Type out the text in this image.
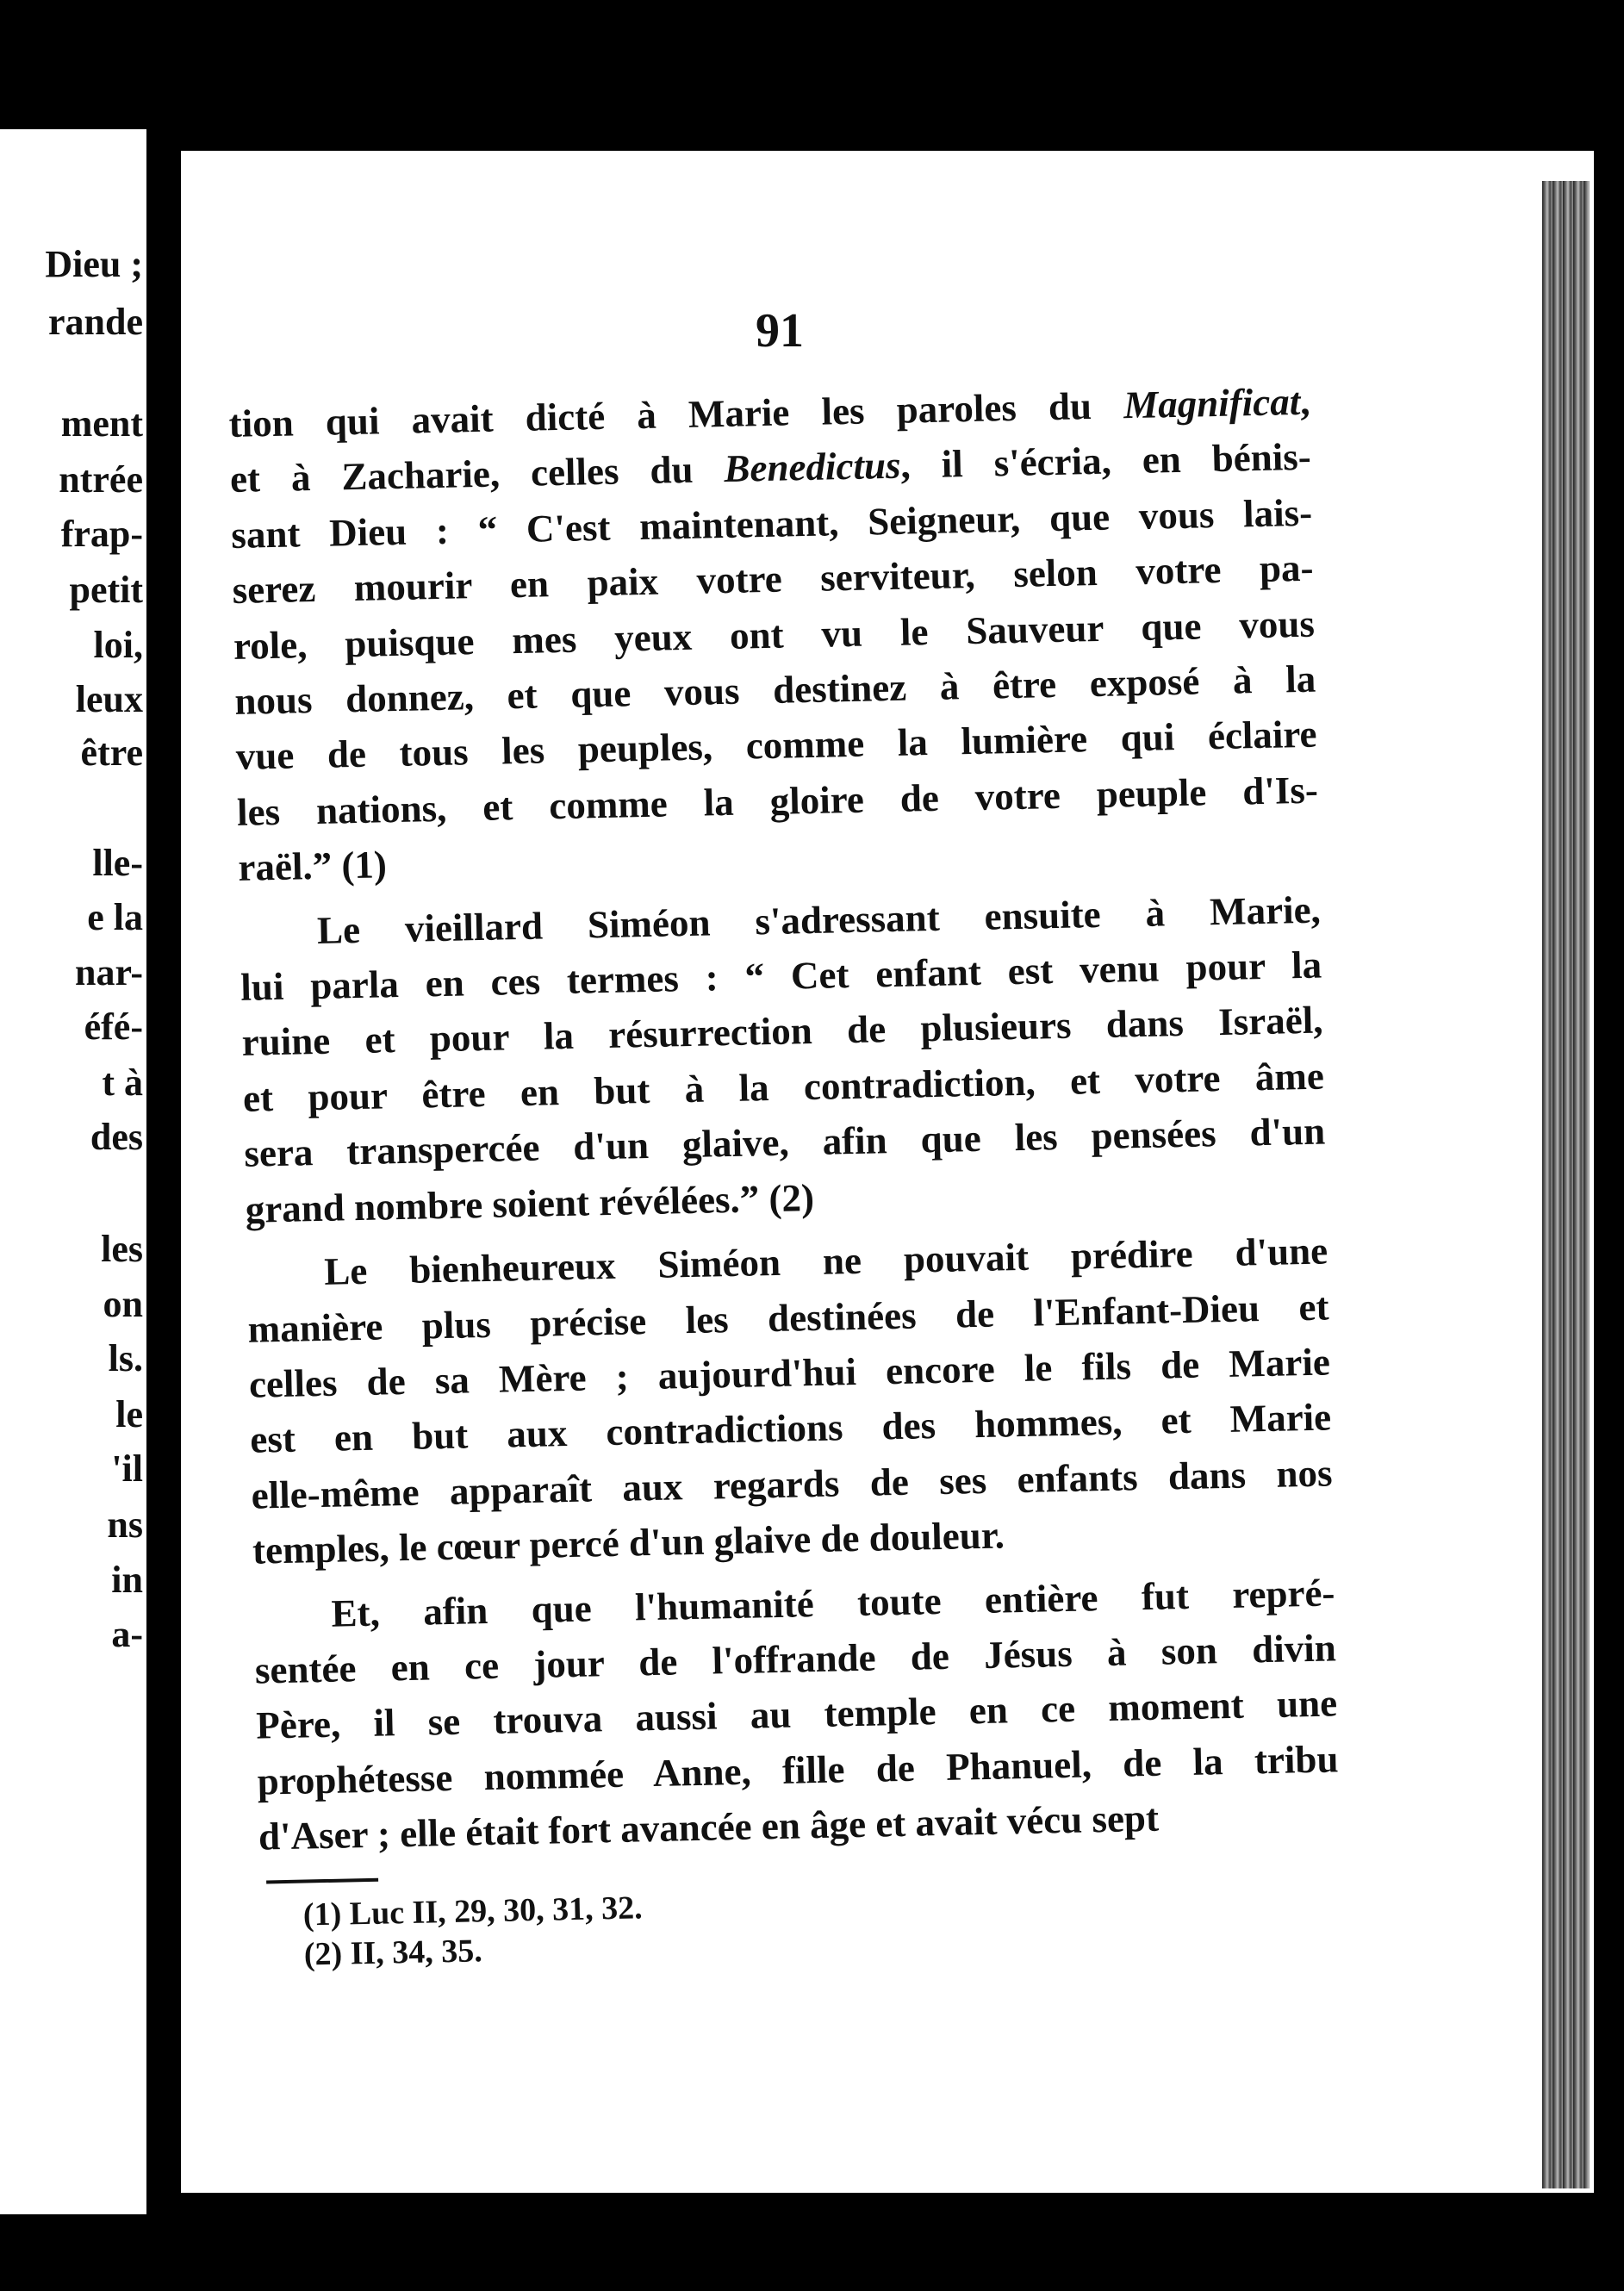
Dieu ;
rande
ment
ntrée
frap-
petit
loi,
leux
être
lle-
e la
nar-
éfé-
t à
des
les
on
ls.
le
'il
ns
in
a-
91
tion qui avait dicté à Marie les paroles du Magnificat,
et à Zacharie, celles du Benedictus, il s'écria, en bénis-
sant Dieu : “ C'est maintenant, Seigneur, que vous lais-
serez mourir en paix votre serviteur, selon votre pa-
role, puisque mes yeux ont vu le Sauveur que vous
nous donnez, et que vous destinez à être exposé à la
vue de tous les peuples, comme la lumière qui éclaire
les nations, et comme la gloire de votre peuple d'Is-
raël.” (1)
Le vieillard Siméon s'adressant ensuite à Marie,
lui parla en ces termes : “ Cet enfant est venu pour la
ruine et pour la résurrection de plusieurs dans Israël,
et pour être en but à la contradiction, et votre âme
sera transpercée d'un glaive, afin que les pensées d'un
grand nombre soient révélées.” (2)
Le bienheureux Siméon ne pouvait prédire d'une
manière plus précise les destinées de l'Enfant-Dieu et
celles de sa Mère ; aujourd'hui encore le fils de Marie
est en but aux contradictions des hommes, et Marie
elle-même apparaît aux regards de ses enfants dans nos
temples, le cœur percé d'un glaive de douleur.
Et, afin que l'humanité toute entière fut repré-
sentée en ce jour de l'offrande de Jésus à son divin
Père, il se trouva aussi au temple en ce moment une
prophétesse nommée Anne, fille de Phanuel, de la tribu
d'Aser ; elle était fort avancée en âge et avait vécu sept
(1) Luc II, 29, 30, 31, 32.
(2) II, 34, 35.
